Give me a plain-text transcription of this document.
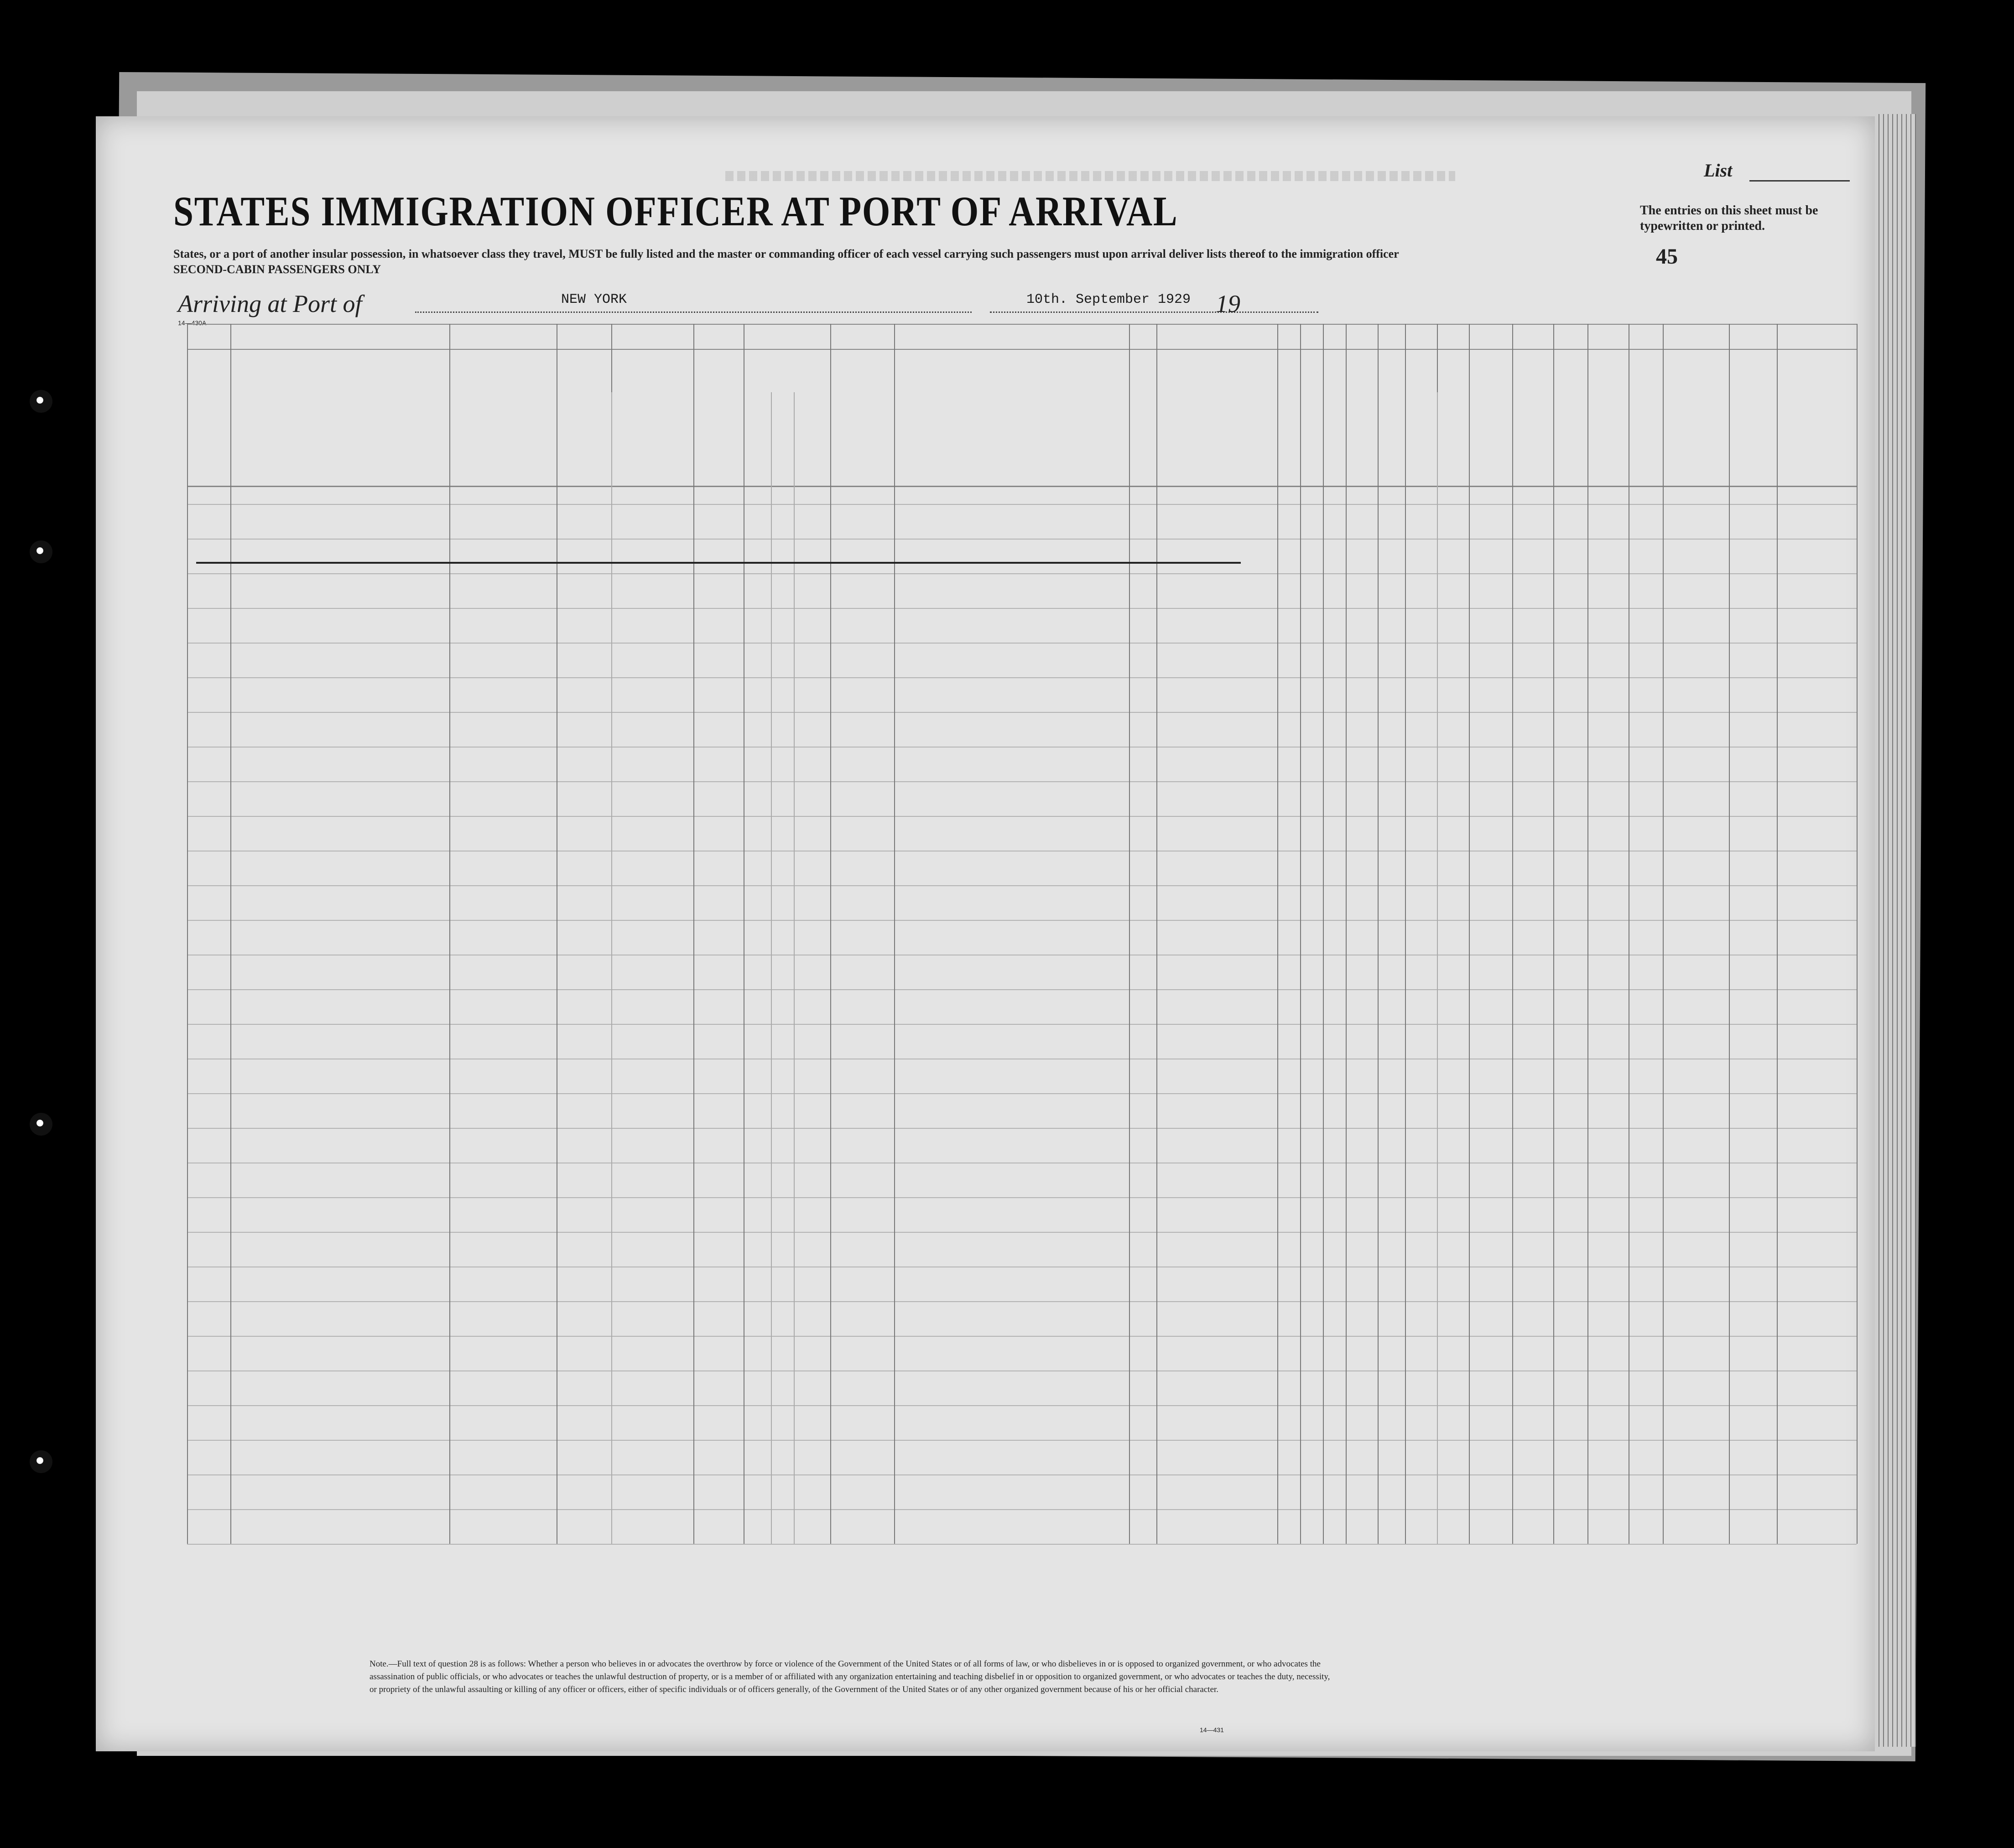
STATES IMMIGRATION OFFICER AT PORT OF ARRIVAL
List
The entries on this sheet must be typewritten or printed.
45
States, or a port of another insular possession, in whatsoever class they travel, MUST be fully listed and the master or commanding officer of each vessel carrying such passengers must upon arrival deliver lists thereof to the immigration officer
SECOND-CABIN PASSENGERS ONLY
Arriving at Port of	NEW YORK	10th. September 1929 19
14—430A
Note.—Full text of question 28 is as follows: Whether a person who believes in or advocates the overthrow by force or violence of the Government of the United States or of all forms of law, or who disbelieves in or is opposed to organized government, or who advocates the assassination of public officials, or who advocates or teaches the unlawful destruction of property, or is a member of or affiliated with any organization entertaining and teaching disbelief in or opposition to organized government, or who advocates or teaches the duty, necessity, or propriety of the unlawful assaulting or killing of any officer or officers, either of specific individuals or of officers generally, of the Government of the United States or of any other organized government because of his or her official character.
14—431
